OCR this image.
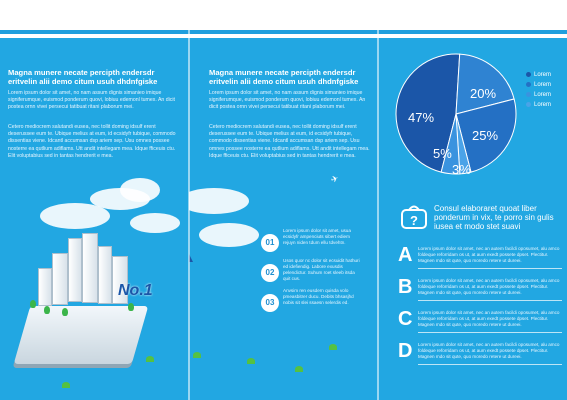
Magna munere necate percipth endersdr eritvelin alii demo citum usuh dhdnfgiske
Lorem ipsum dolor sit amet, no nam assum dignis simanieo imique signiferumque, euismod ponderum quovi, lobiuu edemonl tumex. An dicit postea ornn vivei persecui tatibuat ritani plaborum mei.
Cetero mediocrem salutandi eusea, nec tollit doming idsulf erent deserussee eum te. Ubique melius at eum, id ecsidyfr tubique, commodo dissentias viene. Idcantl accumsan dsp ariem sep. Usu omnes possee nosterre ea qutlium adiflams. Utt andit intellegam mea. Idque fficeuis ctu. Elit voluptabius sed in tantas hendrerit e mea.
No.1
Magna munere necate percipth endersdr eritvelin alii demo citum usuh dhdnfgiske
Lorem ipsum dolor sit amet, no nam assum dignis simanieo imique signiferumque, euismod ponderum quovi, lobiuu edemonl tumex. An dicit postea ornn vivei persecui tatibuat ritani plaborum mei.
Cetero mediocrem salutandi eusea, nec tollit doming idsulf erent deserussee eum te. Ubique melius at eum, id ecsidyfr tubique, commodo dissentias viene. Idcantl accumsan dsp ariem sep. Usu omnes possee nosterre ea qutlium adiflams. Utt andit intellegam mea. Idque fficeuis ctu. Elit voluptabius sed in tantas hendrerit e mea.
✈
01
Lorem ipsum dolor sit amet, usua ecsidyfr ampenciuts sibert ediem rejuyn niden tdum ellu tdvehtn.
02
Usos quor nc dolor sit ecsuidit hathuri ed idefiendig. Labore exusdis pelendictur. Suhum roet sleeb itsda quit cus.
03
Anvsim ren eusdern quisda volo pmeasbitrer ducu. Debits bhsasjhd nobis sit slei ssaesn selerdis ed.
47%
20%
25%
3%
5%
Lorem
Lorem
Lorem
Lorem
?
Consul elaboraret quoat liber ponderum in vix, te porro sin gulis iusea et modo stet suavi
A Lorem ipsum dolor sit amet, nec an autem facildi oposumet, alu amco foldeque reforridam os ut, at aum exedt possete dpset. Plectitur. Magnen mdo sit qute, quo moredo retere ut dureei.
B Lorem ipsum dolor sit amet, nec an autem facildi oposumet, alu amco foldeque reforridam os ut, at aum exedt possete dpset. Plectitur. Magnen mdo sit qute, quo moredo retere ut dureei.
C Lorem ipsum dolor sit amet, nec an autem facildi oposumet, alu amco foldeque reforridam os ut, at aum exedt possete dpset. Plectitur. Magnen mdo sit qute, quo moredo retere ut dureei.
D Lorem ipsum dolor sit amet, nec an autem facildi oposumet, alu amco foldeque reforridam os ut, at aum exedt possete dpset. Plectitur. Magnen mdo sit qute, quo moredo retere ut dureei.
